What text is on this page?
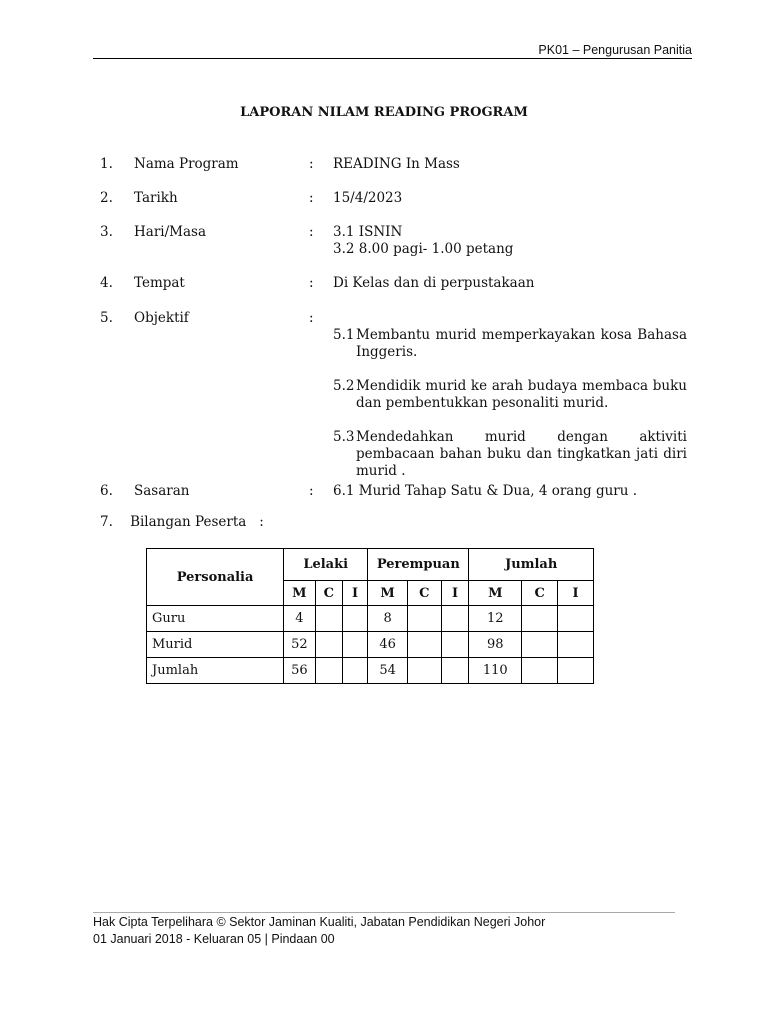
PK01 – Pengurusan Panitia
LAPORAN NILAM READING PROGRAM
1. Nama Program	: READING In Mass
2. Tarikh	: 15/4/2023
3. Hari/Masa	: 3.1 ISNIN
3.2 8.00 pagi- 1.00 petang
4. Tempat	: Di Kelas dan di perpustakaan
5. Objektif	:
5.1 Membantu murid memperkayakan kosa Bahasa Inggeris.
5.2 Mendidik murid ke arah budaya membaca buku dan pembentukkan pesonaliti murid.
5.3 Mendedahkan murid dengan aktiviti pembacaan bahan buku dan tingkatkan jati diri murid .
6. Sasaran	: 6.1 Murid Tahap Satu & Dua, 4 orang guru .
7. Bilangan Peserta :
Personalia	Lelaki			Perempuan			Jumlah		
	M	C	I	M	C	I	M	C	I
Guru	4			8			12		
Murid	52			46			98		
Jumlah	56			54			110		
Hak Cipta Terpelihara © Sektor Jaminan Kualiti, Jabatan Pendidikan Negeri Johor
01 Januari 2018 - Keluaran 05 | Pindaan 00
